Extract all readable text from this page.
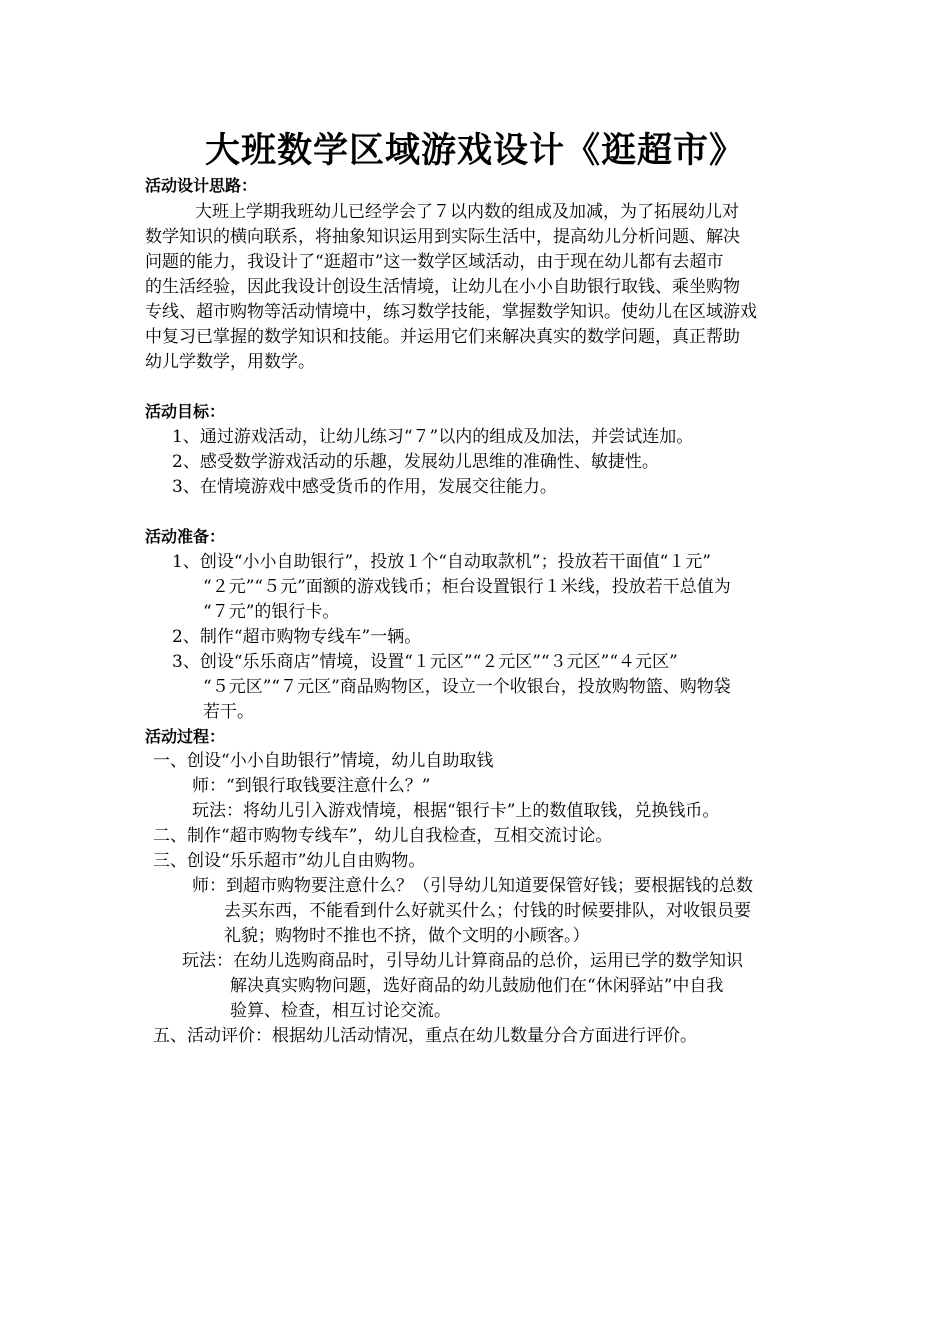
大班数学区域游戏设计《逛超市》
活动设计思路：
大班上学期我班幼儿已经学会了７以内数的组成及加减，为了拓展幼儿对
数学知识的横向联系，将抽象知识运用到实际生活中，提高幼儿分析问题、解决
问题的能力，我设计了“逛超市”这一数学区域活动，由于现在幼儿都有去超市
的生活经验，因此我设计创设生活情境，让幼儿在小小自助银行取钱、乘坐购物
专线、超市购物等活动情境中，练习数学技能，掌握数学知识。使幼儿在区域游戏
中复习已掌握的数学知识和技能。并运用它们来解决真实的数学问题，真正帮助
幼儿学数学，用数学。
活动目标：
1、通过游戏活动，让幼儿练习“７”以内的组成及加法，并尝试连加。
2、感受数学游戏活动的乐趣，发展幼儿思维的准确性、敏捷性。
3、在情境游戏中感受货币的作用，发展交往能力。
活动准备：
1、创设“小小自助银行”，投放１个“自动取款机”；投放若干面值“１元”
“２元”“５元”面额的游戏钱币；柜台设置银行１米线，投放若干总值为
“７元”的银行卡。
2、制作“超市购物专线车”一辆。
3、创设“乐乐商店”情境，设置“１元区”“２元区”“３元区”“４元区”
“５元区”“７元区”商品购物区，设立一个收银台，投放购物篮、购物袋
若干。
活动过程：
一、创设“小小自助银行”情境，幼儿自助取钱
师：“到银行取钱要注意什么？”
玩法：将幼儿引入游戏情境，根据“银行卡”上的数值取钱，兑换钱币。
二、制作“超市购物专线车”，幼儿自我检查，互相交流讨论。
三、创设“乐乐超市”幼儿自由购物。
师：到超市购物要注意什么？（引导幼儿知道要保管好钱；要根据钱的总数
去买东西，不能看到什么好就买什么；付钱的时候要排队，对收银员要
礼貌；购物时不推也不挤，做个文明的小顾客。）
玩法：在幼儿选购商品时，引导幼儿计算商品的总价，运用已学的数学知识
解决真实购物问题，选好商品的幼儿鼓励他们在“休闲驿站”中自我
验算、检查，相互讨论交流。
五、活动评价：根据幼儿活动情况，重点在幼儿数量分合方面进行评价。
